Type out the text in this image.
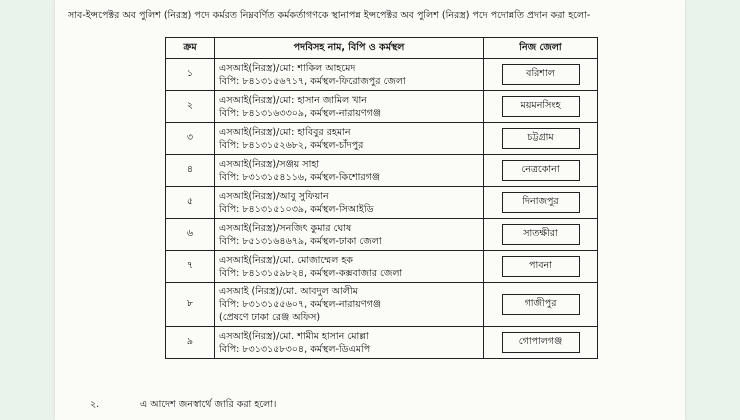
সাব-ইন্সপেক্টর অব পুলিশ (নিরস্ত্র) পদে কর্মরত নিম্নবর্ণিত কর্মকর্তাগণকে স্থানাপন্ন ইন্সপেক্টর অব পুলিশ (নিরস্ত্র) পদে পদোন্নতি প্রদান করা হলো-
ক্রম	পদবিসহ নাম, বিপি ও কর্মস্থল	নিজ জেলা
১	এসআই(নিরস্ত্র)/মো: শাকিল আহমেদ
বিপি: ৮৪১৩১৫৬৭১৭, কর্মস্থল-ফিরোজপুর জেলা	বরিশাল
২	এসআই(নিরস্ত্র)/মো: হাসান জামিল খান
বিপি: ৮৪১৩১৬৩৩০৯, কর্মস্থল-নারায়ণগঞ্জ	ময়মনসিংহ
৩	এসআই(নিরস্ত্র)/মো: হাবিবুর রহমান
বিপি: ৮৪১৩১৫২৬৮২, কর্মস্থল-চাঁদপুর	চট্টগ্রাম
৪	এসআই(নিরস্ত্র)/সঞ্জয় সাহা
বিপি: ৮৩১৩১৫৪১১৬, কর্মস্থল-কিশোরগঞ্জ	নেত্রকোনা
৫	এসআই(নিরস্ত্র)/আবু সুফিয়ান
বিপি: ৮৪১৩১৫১০৩৯, কর্মস্থল-সিআইডি	দিনাজপুর
৬	এসআই(নিরস্ত্র)/সনজিৎ কুমার ঘোষ
বিপি: ৮৫১৩১৬৪৬৭৯, কর্মস্থল-ঢাকা জেলা	সাতক্ষীরা
৭	এসআই(নিরস্ত্র)/মো. মোজাম্মেল হক
বিপি: ৮৪১৩১৫৯৮২৪, কর্মস্থল-কক্সবাজার জেলা	পাবনা
৮	এসআই (নিরস্ত্র)/মো. আবদুল আলীম
বিপি: ৮৩১৩১৫৫৬০৭, কর্মস্থল-নারায়ণগঞ্জ
(প্রেষণে ঢাকা রেঞ্জ অফিস)	গাজীপুর
৯	এসআই(নিরস্ত্র)/মো. শামীম হাসান মোল্লা
বিপি: ৮৩১৩১৫৮৩০৪, কর্মস্থল-ডিএমপি	গোপালগঞ্জ
২.	এ আদেশ জনস্বার্থে জারি করা হলো।
